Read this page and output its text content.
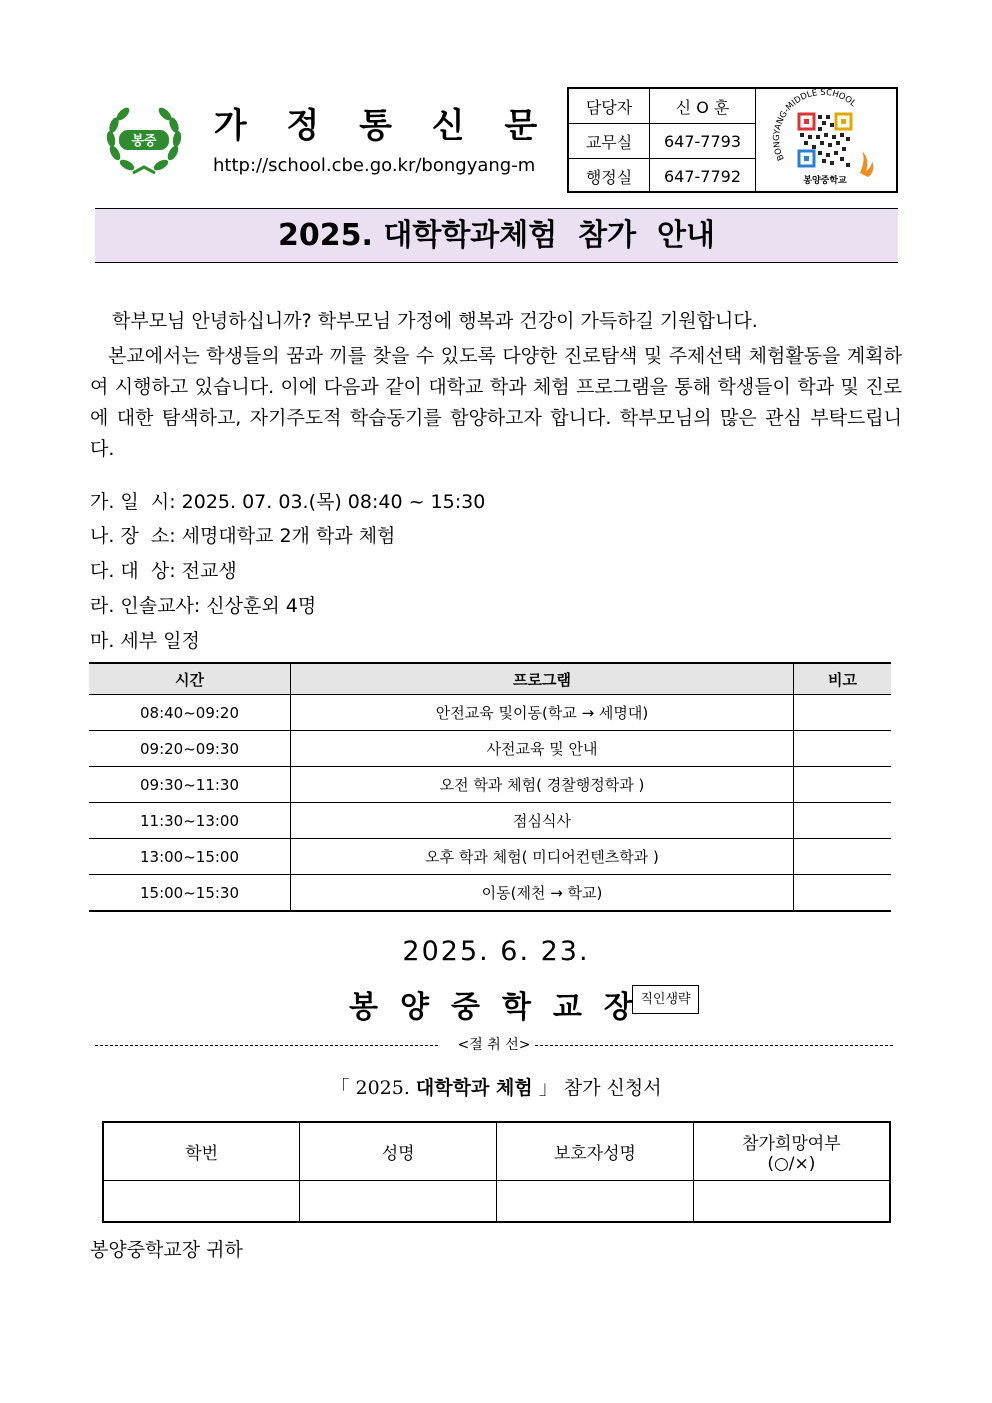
봉중	가 정 통 신 문
http://school.cbe.go.kr/bongyang-m
담당자	신 O 훈
교무실	647-7793
행정실	647-7792
BONGYANG-MIDDLE SCHOOL
봉양중학교
2025. 대학학과체험  참가  안내
학부모님 안녕하십니까? 학부모님 가정에 행복과 건강이 가득하길 기원합니다.
본교에서는 학생들의 꿈과 끼를 찾을 수 있도록 다양한 진로탐색 및 주제선택 체험활동을 계획하여 시행하고 있습니다. 이에 다음과 같이 대학교 학과 체험 프로그램을 통해 학생들이 학과 및 진로에 대한 탐색하고, 자기주도적 학습동기를 함양하고자 합니다. 학부모님의 많은 관심 부탁드립니다.
가. 일  시: 2025. 07. 03.(목) 08:40 ~ 15:30
나. 장  소: 세명대학교 2개 학과 체험
다. 대  상: 전교생
라. 인솔교사: 신상훈외 4명
마. 세부 일정
시간	프로그램	비고
08:40~09:20	안전교육 및이동(학교 → 세명대)	
09:20~09:30	사전교육 및 안내	
09:30~11:30	오전 학과 체험( 경찰행정학과 )	
11:30~13:00	점심식사	
13:00~15:00	오후 학과 체험( 미디어컨텐츠학과 )	
15:00~15:30	이동(제천 → 학교)	
2025. 6. 23.
봉양중학교장
직인생략
<절 취 선>
「 2025. 대학학과 체험 」 참가 신청서
학번	성명	보호자성명	참가희망여부
(○/×)

봉양중학교장 귀하
